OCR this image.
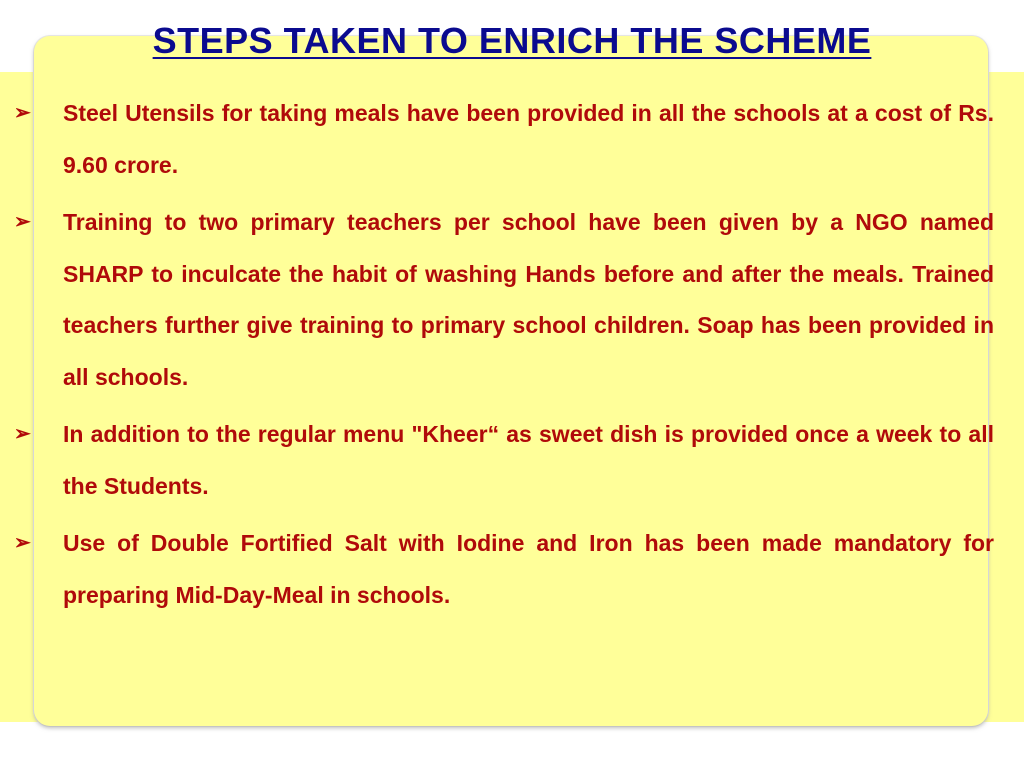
STEPS TAKEN TO ENRICH THE SCHEME
➢ Steel Utensils for taking meals have been provided in all the schools at a cost of Rs. 9.60 crore.
➢ Training to two primary teachers per school have been given by a NGO named SHARP to inculcate the habit of washing Hands before and after the meals. Trained teachers further give training to primary school children. Soap has been provided in all schools.
➢ In addition to the regular menu "Kheer“ as sweet dish is provided once a week to all the Students.
➢ Use of Double Fortified Salt with Iodine and Iron has been made mandatory for preparing Mid-Day-Meal in schools.
